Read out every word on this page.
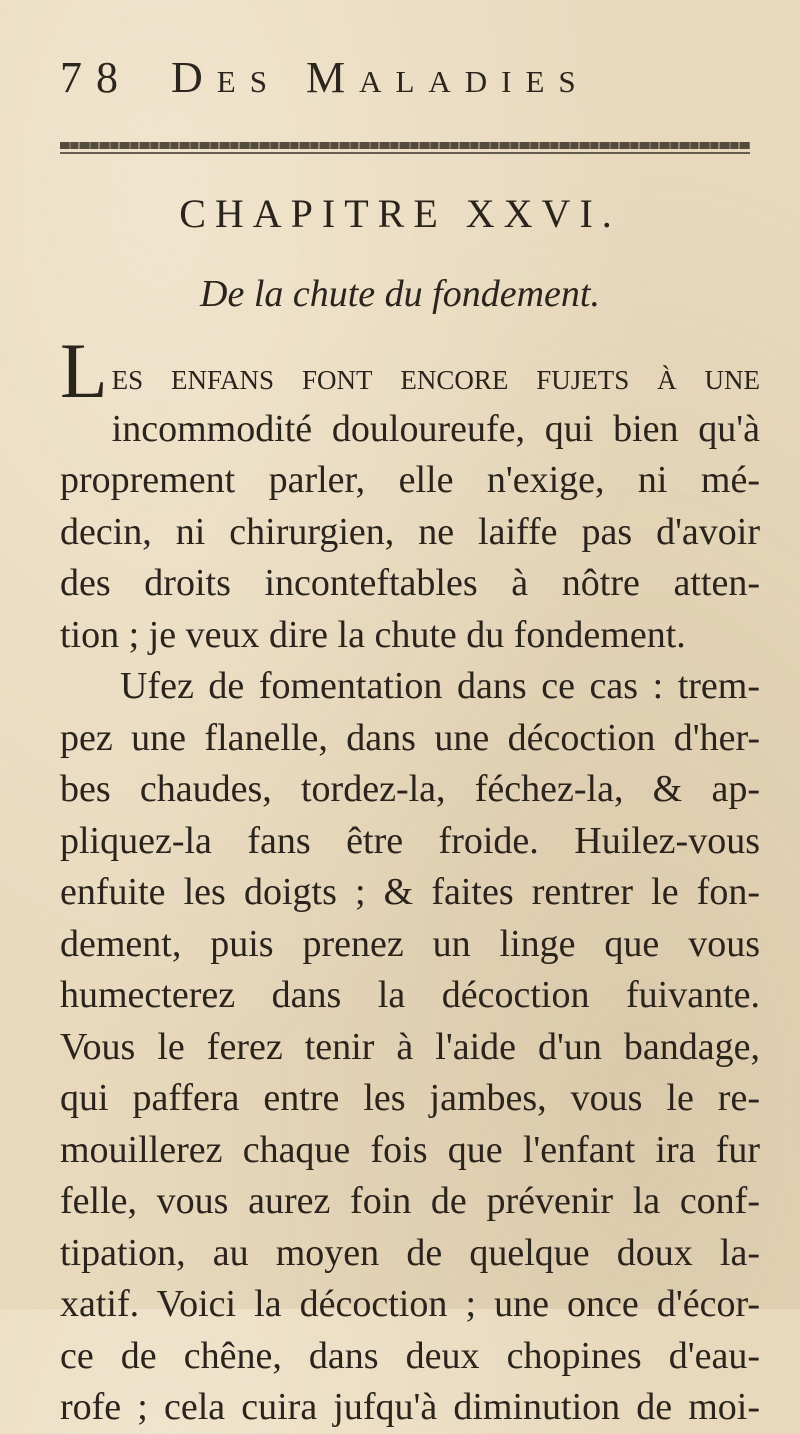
78 Des Maladies
CHAPITRE XXVI.
De la chute du fondement.
Les enfans font encore fujets à une
incommodité douloureufe, qui bien qu'à
proprement parler, elle n'exige, ni mé-
decin, ni chirurgien, ne laiffe pas d'avoir
des droits inconteftables à nôtre atten-
tion ; je veux dire la chute du fondement.
Ufez de fomentation dans ce cas : trem-
pez une flanelle, dans une décoction d'her-
bes chaudes, tordez-la, féchez-la, & ap-
pliquez-la fans être froide. Huilez-vous
enfuite les doigts ; & faites rentrer le fon-
dement, puis prenez un linge que vous
humecterez dans la décoction fuivante.
Vous le ferez tenir à l'aide d'un bandage,
qui paffera entre les jambes, vous le re-
mouillerez chaque fois que l'enfant ira fur
felle, vous aurez foin de prévenir la conf-
tipation, au moyen de quelque doux la-
xatif. Voici la décoction ; une once d'écor-
ce de chêne, dans deux chopines d'eau-
rofe ; cela cuira jufqu'à diminution de moi-
